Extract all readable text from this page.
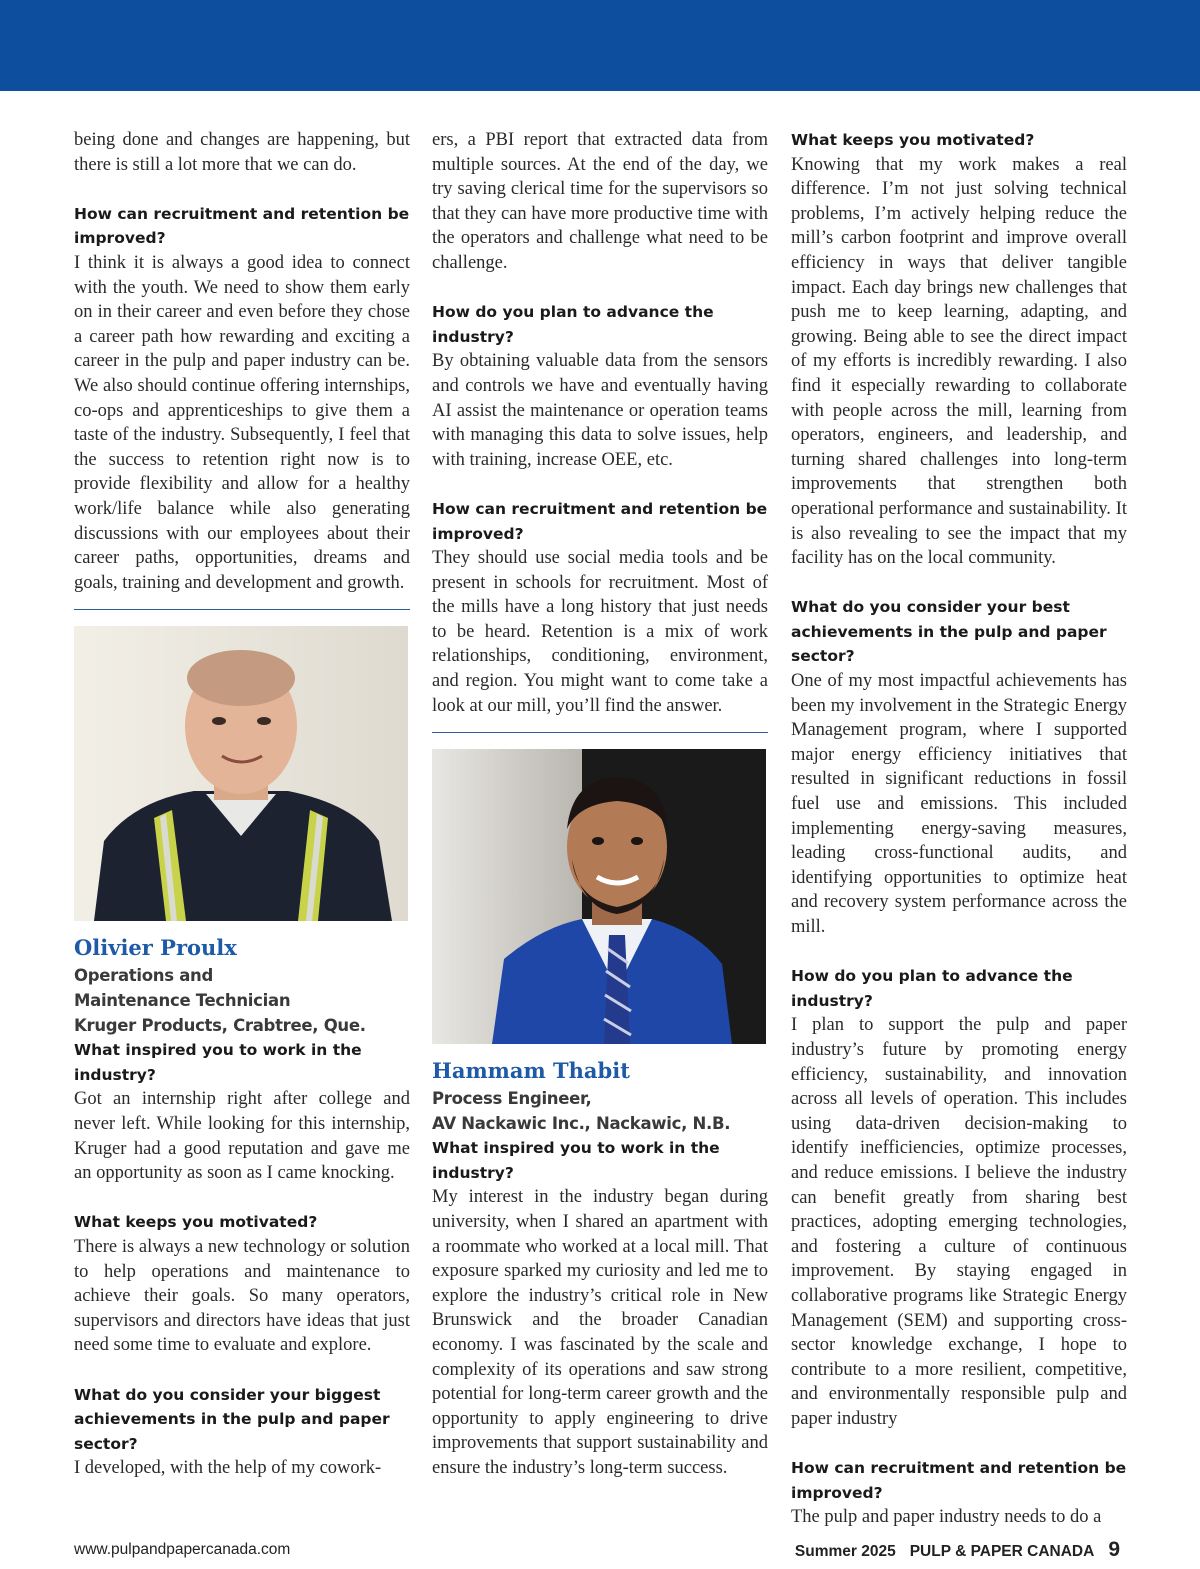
being done and changes are happening, but there is still a lot more that we can do.

How can recruitment and retention be improved?

I think it is always a good idea to connect with the youth. We need to show them early on in their career and even before they chose a career path how rewarding and exciting a career in the pulp and paper industry can be. We also should continue offering internships, co-ops and apprenticeships to give them a taste of the industry. Subsequently, I feel that the success to retention right now is to provide flexibility and allow for a healthy work/life balance while also generating discussions with our employees about their career paths, opportunities, dreams and goals, training and development and growth.

Olivier Proulx

Operations and

Maintenance Technician

Kruger Products, Crabtree, Que.

What inspired you to work in the industry?

Got an internship right after college and never left. While looking for this internship, Kruger had a good reputation and gave me an opportunity as soon as I came knocking.

What keeps you motivated?

There is always a new technology or solution to help operations and maintenance to achieve their goals. So many operators, supervisors and directors have ideas that just need some time to evaluate and explore.

What do you consider your biggest achievements in the pulp and paper sector?

I developed, with the help of my cowork-

ers, a PBI report that extracted data from multiple sources. At the end of the day, we try saving clerical time for the supervisors so that they can have more productive time with the operators and challenge what need to be challenge.

How do you plan to advance the industry?

By obtaining valuable data from the sensors and controls we have and eventually having AI assist the maintenance or operation teams with managing this data to solve issues, help with training, increase OEE, etc.

How can recruitment and retention be improved?

They should use social media tools and be present in schools for recruitment. Most of the mills have a long history that just needs to be heard. Retention is a mix of work relationships, conditioning, environment, and region. You might want to come take a look at our mill, you’ll find the answer.

Hammam Thabit

Process Engineer,

AV Nackawic Inc., Nackawic, N.B.

What inspired you to work in the industry?

My interest in the industry began during university, when I shared an apartment with a roommate who worked at a local mill. That exposure sparked my curiosity and led me to explore the industry’s critical role in New Brunswick and the broader Canadian economy. I was fascinated by the scale and complexity of its operations and saw strong potential for long-term career growth and the opportunity to apply engineering to drive improvements that support sustainability and ensure the industry’s long-term success.

What keeps you motivated?

Knowing that my work makes a real difference. I’m not just solving technical problems, I’m actively helping reduce the mill’s carbon footprint and improve overall efficiency in ways that deliver tangible impact. Each day brings new challenges that push me to keep learning, adapting, and growing. Being able to see the direct impact of my efforts is incredibly rewarding. I also find it especially rewarding to collaborate with people across the mill, learning from operators, engineers, and leadership, and turning shared challenges into long-term improvements that strengthen both operational performance and sustainability. It is also revealing to see the impact that my facility has on the local community.

What do you consider your best achievements in the pulp and paper sector?

One of my most impactful achievements has been my involvement in the Strategic Energy Management program, where I supported major energy efficiency initiatives that resulted in significant reductions in fossil fuel use and emissions. This included implementing energy-saving measures, leading cross-functional audits, and identifying opportunities to optimize heat and recovery system performance across the mill.

How do you plan to advance the industry?

I plan to support the pulp and paper industry’s future by promoting energy efficiency, sustainability, and innovation across all levels of operation. This includes using data-driven decision-making to identify inefficiencies, optimize processes, and reduce emissions. I believe the industry can benefit greatly from sharing best practices, adopting emerging technologies, and fostering a culture of continuous improvement. By staying engaged in collaborative programs like Strategic Energy Management (SEM) and supporting cross-sector knowledge exchange, I hope to contribute to a more resilient, competitive, and environmentally responsible pulp and paper industry

How can recruitment and retention be improved?

The pulp and paper industry needs to do a

www.pulpandpapercanada.com	Summer 2025 PULP & PAPER CANADA 9
